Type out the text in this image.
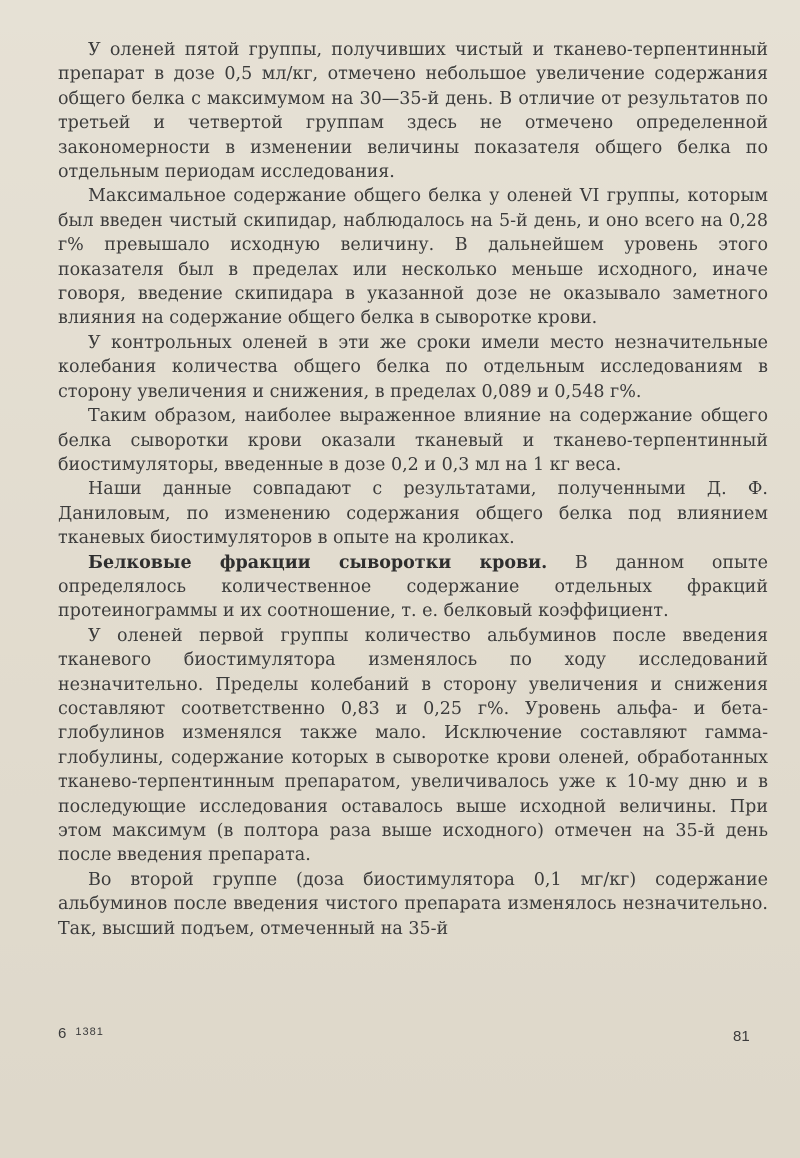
У оленей пятой группы, получивших чистый и тканево-терпентинный препарат в дозе 0,5 мл/кг, отмечено небольшое увеличение содержания общего белка с максимумом на 30—35-й день. В отличие от результатов по третьей и четвертой группам здесь не отмечено определенной закономерности в изменении величины показателя общего белка по отдельным периодам исследования.

Максимальное содержание общего белка у оленей VI группы, которым был введен чистый скипидар, наблюдалось на 5-й день, и оно всего на 0,28 г% превышало исходную величину. В дальнейшем уровень этого показателя был в пределах или несколько меньше исходного, иначе говоря, введение скипидара в указанной дозе не оказывало заметного влияния на содержание общего белка в сыворотке крови.

У контрольных оленей в эти же сроки имели место незначительные колебания количества общего белка по отдельным исследованиям в сторону увеличения и снижения, в пределах 0,089 и 0,548 г%.

Таким образом, наиболее выраженное влияние на содержание общего белка сыворотки крови оказали тканевый и тканево-терпентинный биостимуляторы, введенные в дозе 0,2 и 0,3 мл на 1 кг веса.

Наши данные совпадают с результатами, полученными Д. Ф. Даниловым, по изменению содержания общего белка под влиянием тканевых биостимуляторов в опыте на кроликах.

Белковые фракции сыворотки крови. В данном опыте определялось количественное содержание отдельных фракций протеинограммы и их соотношение, т. е. белковый коэффициент.

У оленей первой группы количество альбуминов после введения тканевого биостимулятора изменялось по ходу исследований незначительно. Пределы колебаний в сторону увеличения и снижения составляют соответственно 0,83 и 0,25 г%. Уровень альфа- и бета-глобулинов изменялся также мало. Исключение составляют гамма-глобулины, содержание которых в сыворотке крови оленей, обработанных тканево-терпентинным препаратом, увеличивалось уже к 10-му дню и в последующие исследования оставалось выше исходной величины. При этом максимум (в полтора раза выше исходного) отмечен на 35-й день после введения препарата.

Во второй группе (доза биостимулятора 0,1 мг/кг) содержание альбуминов после введения чистого препарата изменялось незначительно. Так, высший подъем, отмеченный на 35-й

6 $^{1381}$	81
